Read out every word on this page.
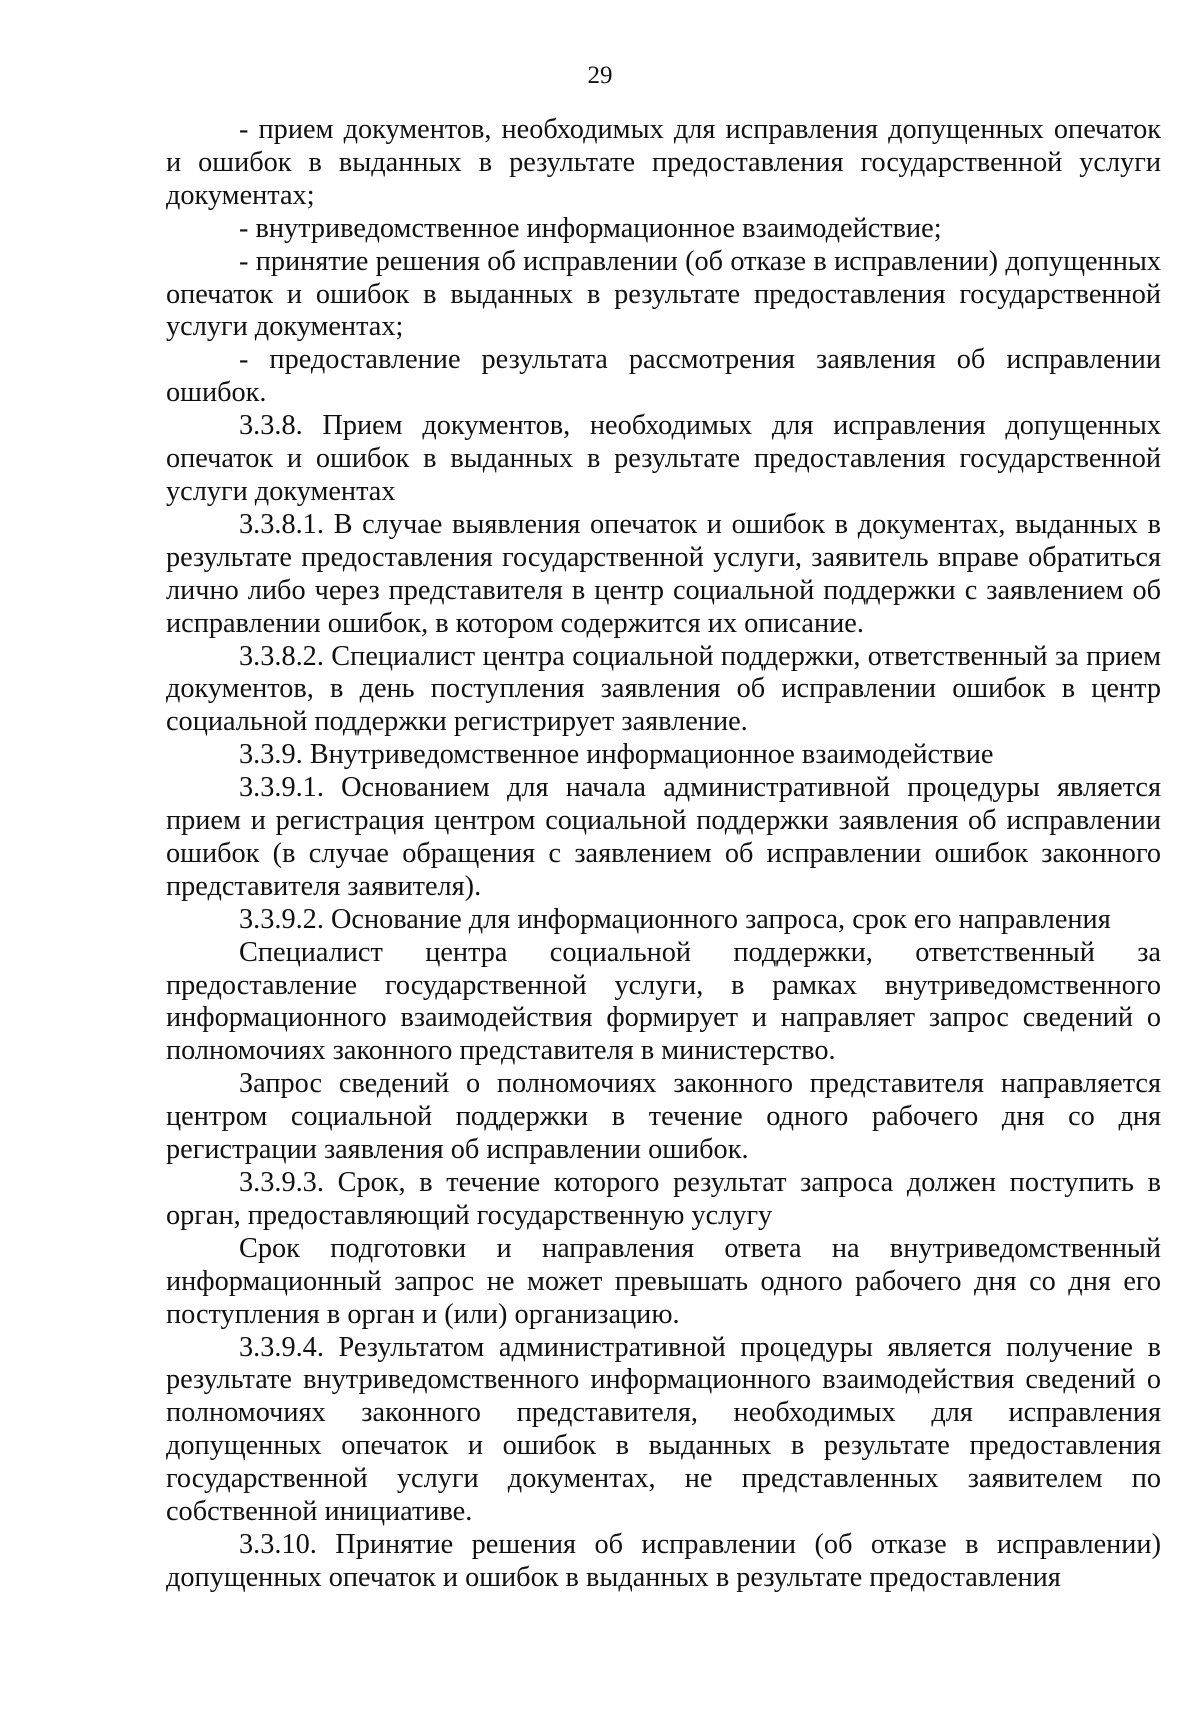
29

- прием документов, необходимых для исправления допущенных опечаток и ошибок в выданных в результате предоставления государственной услуги документах;

- внутриведомственное информационное взаимодействие;

- принятие решения об исправлении (об отказе в исправлении) допущенных опечаток и ошибок в выданных в результате предоставления государственной услуги документах;

- предоставление результата рассмотрения заявления об исправлении ошибок.

3.3.8. Прием документов, необходимых для исправления допущенных опечаток и ошибок в выданных в результате предоставления государственной услуги документах

3.3.8.1. В случае выявления опечаток и ошибок в документах, выданных в результате предоставления государственной услуги, заявитель вправе обратиться лично либо через представителя в центр социальной поддержки с заявлением об исправлении ошибок, в котором содержится их описание.

3.3.8.2. Специалист центра социальной поддержки, ответственный за прием документов, в день поступления заявления об исправлении ошибок в центр социальной поддержки регистрирует заявление.

3.3.9. Внутриведомственное информационное взаимодействие

3.3.9.1. Основанием для начала административной процедуры является прием и регистрация центром социальной поддержки заявления об исправлении ошибок (в случае обращения с заявлением об исправлении ошибок законного представителя заявителя).

3.3.9.2. Основание для информационного запроса, срок его направления

Специалист центра социальной поддержки, ответственный за предоставление государственной услуги, в рамках внутриведомственного информационного взаимодействия формирует и направляет запрос сведений о полномочиях законного представителя в министерство.

Запрос сведений о полномочиях законного представителя направляется центром социальной поддержки в течение одного рабочего дня со дня регистрации заявления об исправлении ошибок.

3.3.9.3. Срок, в течение которого результат запроса должен поступить в орган, предоставляющий государственную услугу

Срок подготовки и направления ответа на внутриведомственный информационный запрос не может превышать одного рабочего дня со дня его поступления в орган и (или) организацию.

3.3.9.4. Результатом административной процедуры является получение в результате внутриведомственного информационного взаимодействия сведений о полномочиях законного представителя, необходимых для исправления допущенных опечаток и ошибок в выданных в результате предоставления государственной услуги документах, не представленных заявителем по собственной инициативе.

3.3.10. Принятие решения об исправлении (об отказе в исправлении) допущенных опечаток и ошибок в выданных в результате предоставления
